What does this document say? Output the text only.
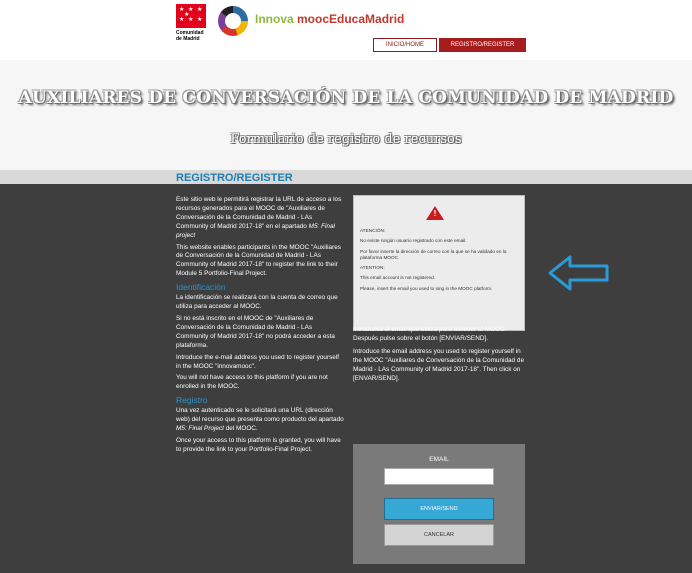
★ ★ ★
★ ★ ★
★
Comunidad de Madrid
Innova moocEducaMadrid
INICIO/HOME	REGISTRO/REGISTER
AUXILIARES DE CONVERSACIÓN DE LA COMUNIDAD DE MADRID
Formulario de registro de recursos
REGISTRO/REGISTER

Este sitio web le permitirá registrar la URL de acceso a los recursos generados para el MOOC de "Auxiliares de Conversación de la Comunidad de Madrid - LAs Community of Madrid 2017-18" en el apartado M5: Final project

This website enables participants in the MOOC "Auxiliares de Conversación de la Comunidad de Madrid - LAs Community of Madrid 2017-18" to register the link to their Module 5 Portfolio-Final Project.

Identificación

La identificación se realizará con la cuenta de correo que utiliza para acceder al MOOC.

Si no está inscrito en el MOOC de "Auxiliares de Conversación de la Comunidad de Madrid - LAs Community of Madrid 2017-18" no podrá acceder a esta plataforma.

Introduce the e-mail address you used to register yourself in the MOOC "innovamooc".

You will not have access to this platform if you are not enrolled in the MOOC.

Registro

Una vez autenticado se le solicitará una URL (dirección web) del recurso que presenta como producto del apartado M5: Final Project del MOOC.

Once your access to this platform is granted, you will have to provide the link to your Portfolio-Final Project.

!

ATENCIÓN:

No existe ningún usuario registrado con este email.

Por favor inserte la dirección de correo con la que se ha validado en la plataforma MOOC.

ATENTION:

This email account is not registered.

Please, insert the email you used to sing in the MOOC platform.

Introduzca el email que utiliza para acceder al MOOC. Después pulse sobre el botón [ENVIAR/SEND].

Introduce the email address you used to register yourself in the MOOC "Auxiliares de Conversación de la Comunidad de Madrid - LAs Community of Madrid 2017-18". Then click on [ENVAR/SEND].

EMAIL
ENVIAR/SEND
CANCELAR
